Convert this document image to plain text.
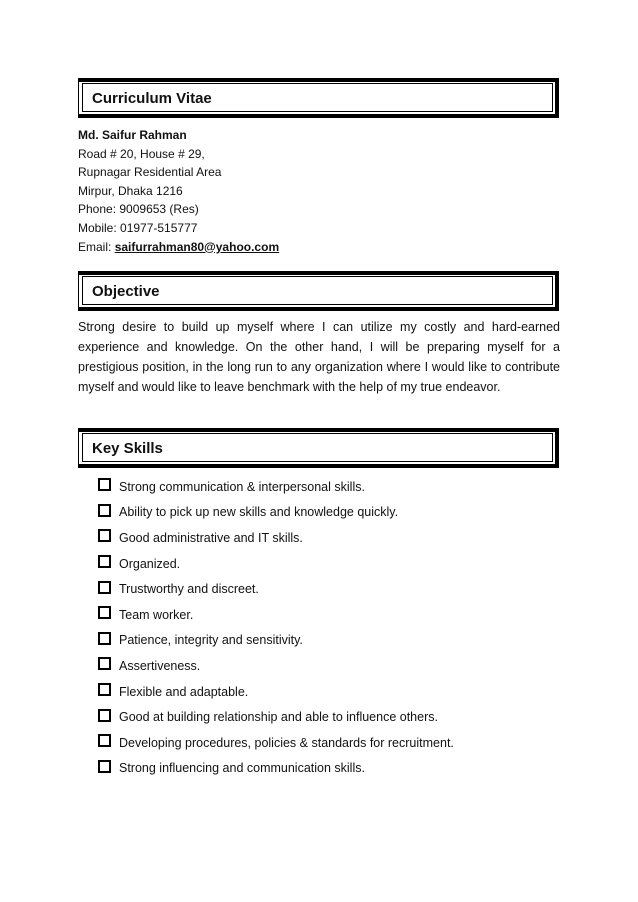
Curriculum Vitae
Md. Saifur Rahman
Road # 20, House # 29,
Rupnagar Residential Area
Mirpur, Dhaka 1216
Phone: 9009653 (Res)
Mobile: 01977-515777
Email: saifurrahman80@yahoo.com
Objective

Strong desire to build up myself where I can utilize my costly and hard-earned experience and knowledge. On the other hand, I will be preparing myself for a prestigious position, in the long run to any organization where I would like to contribute myself and would like to leave benchmark with the help of my true endeavor.

Key Skills
Strong communication & interpersonal skills.
Ability to pick up new skills and knowledge quickly.
Good administrative and IT skills.
Organized.
Trustworthy and discreet.
Team worker.
Patience, integrity and sensitivity.
Assertiveness.
Flexible and adaptable.
Good at building relationship and able to influence others.
Developing procedures, policies & standards for recruitment.
Strong influencing and communication skills.
